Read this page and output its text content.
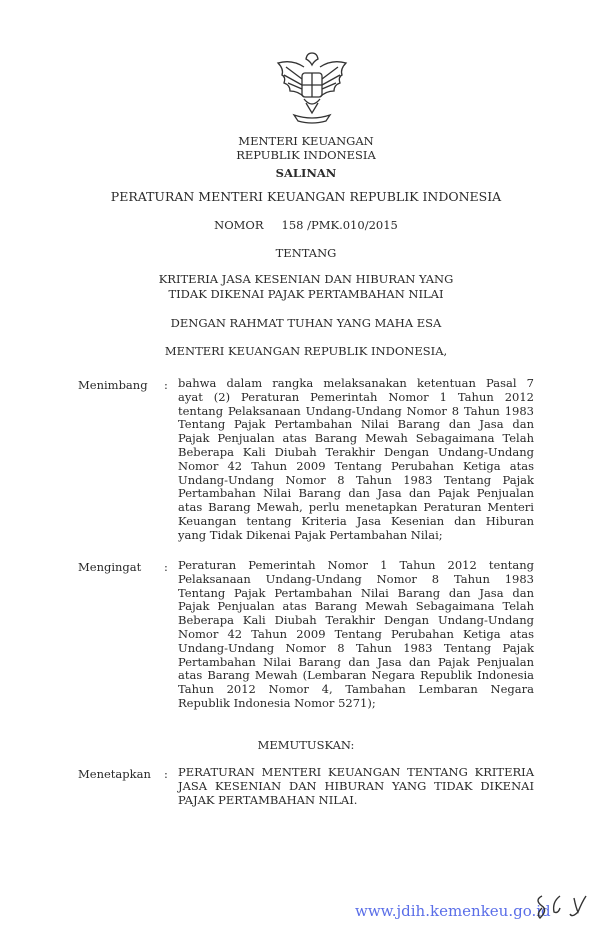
MENTERI KEUANGAN
REPUBLIK INDONESIA
SALINAN
PERATURAN MENTERI KEUANGAN REPUBLIK INDONESIA
NOMOR 158 /PMK.010/2015
TENTANG
KRITERIA JASA KESENIAN DAN HIBURAN YANG
TIDAK DIKENAI PAJAK PERTAMBAHAN NILAI
DENGAN RAHMAT TUHAN YANG MAHA ESA
MENTERI KEUANGAN REPUBLIK INDONESIA,
Menimbang : bahwa dalam rangka melaksanakan ketentuan Pasal 7
ayat (2) Peraturan Pemerintah Nomor 1 Tahun 2012
tentang Pelaksanaan Undang-Undang Nomor 8 Tahun 1983
Tentang Pajak Pertambahan Nilai Barang dan Jasa dan
Pajak Penjualan atas Barang Mewah Sebagaimana Telah
Beberapa Kali Diubah Terakhir Dengan Undang-Undang
Nomor 42 Tahun 2009 Tentang Perubahan Ketiga atas
Undang-Undang Nomor 8 Tahun 1983 Tentang Pajak
Pertambahan Nilai Barang dan Jasa dan Pajak Penjualan
atas Barang Mewah, perlu menetapkan Peraturan Menteri
Keuangan tentang Kriteria Jasa Kesenian dan Hiburan
yang Tidak Dikenai Pajak Pertambahan Nilai;
Mengingat : Peraturan Pemerintah Nomor 1 Tahun 2012 tentang
Pelaksanaan Undang-Undang Nomor 8 Tahun 1983
Tentang Pajak Pertambahan Nilai Barang dan Jasa dan
Pajak Penjualan atas Barang Mewah Sebagaimana Telah
Beberapa Kali Diubah Terakhir Dengan Undang-Undang
Nomor 42 Tahun 2009 Tentang Perubahan Ketiga atas
Undang-Undang Nomor 8 Tahun 1983 Tentang Pajak
Pertambahan Nilai Barang dan Jasa dan Pajak Penjualan
atas Barang Mewah (Lembaran Negara Republik Indonesia
Tahun 2012 Nomor 4, Tambahan Lembaran Negara
Republik Indonesia Nomor 5271);
MEMUTUSKAN:
Menetapkan : PERATURAN MENTERI KEUANGAN TENTANG KRITERIA
JASA KESENIAN DAN HIBURAN YANG TIDAK DIKENAI
PAJAK PERTAMBAHAN NILAI.
www.jdih.kemenkeu.go.id
